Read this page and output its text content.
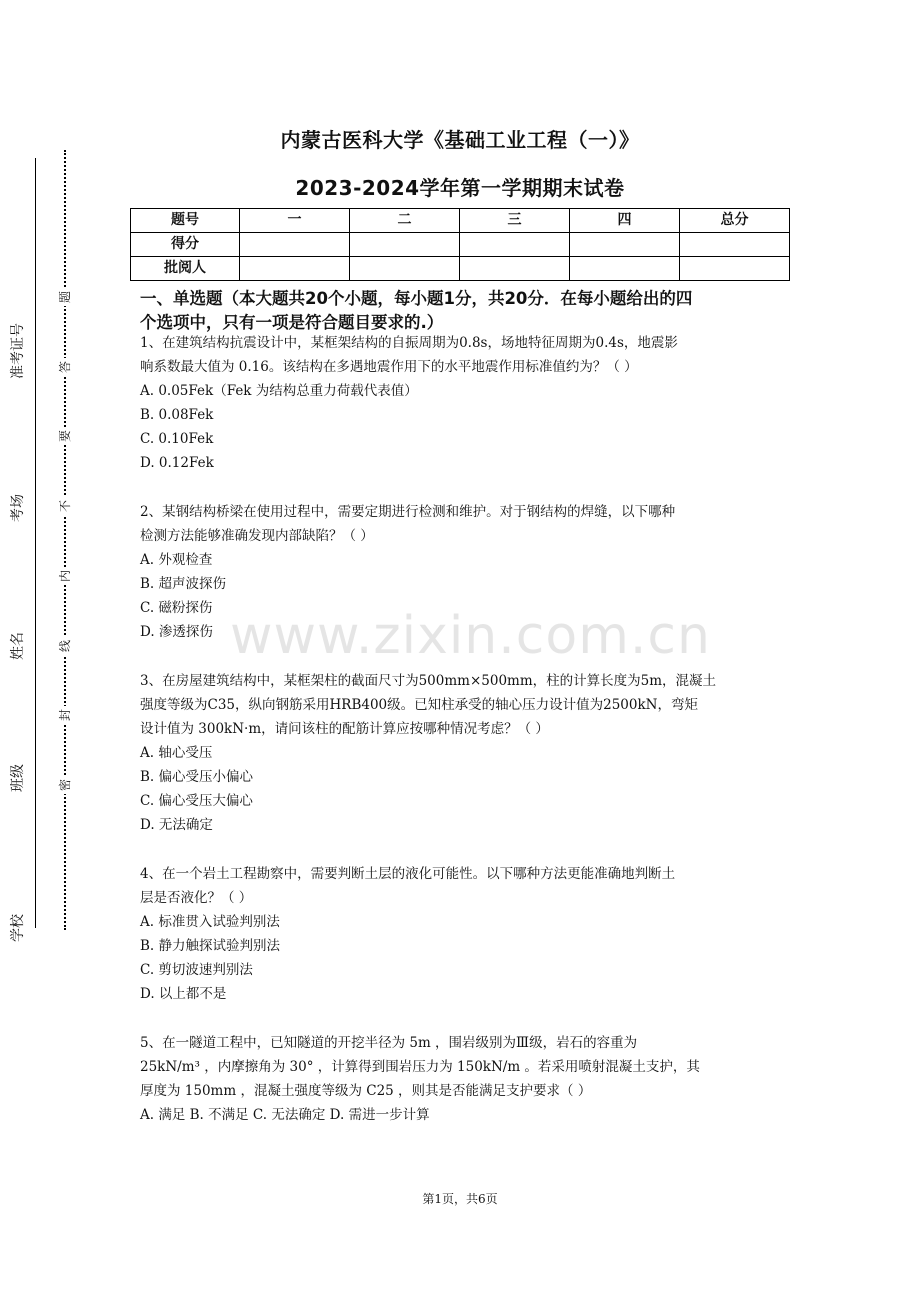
准考证号
考场
姓名
班级
学校
题
答
要
不
内
线
封
密
内蒙古医科大学《基础工业工程（一）》
2023-2024学年第一学期期末试卷
题号	一	二	三	四	总分
得分					
批阅人					
一、单选题（本大题共20个小题，每小题1分，共20分．在每小题给出的四
个选项中，只有一项是符合题目要求的.）
1、在建筑结构抗震设计中，某框架结构的自振周期为0.8s，场地特征周期为0.4s，地震影
响系数最大值为 0.16。该结构在多遇地震作用下的水平地震作用标准值约为？（ ）
A. 0.05Fek（Fek 为结构总重力荷载代表值）
B. 0.08Fek
C. 0.10Fek
D. 0.12Fek
2、某钢结构桥梁在使用过程中，需要定期进行检测和维护。对于钢结构的焊缝，以下哪种
检测方法能够准确发现内部缺陷？（ ）
A. 外观检查
B. 超声波探伤
C. 磁粉探伤
D. 渗透探伤
3、在房屋建筑结构中，某框架柱的截面尺寸为500mm×500mm，柱的计算长度为5m，混凝土
强度等级为C35，纵向钢筋采用HRB400级。已知柱承受的轴心压力设计值为2500kN，弯矩
设计值为 300kN·m，请问该柱的配筋计算应按哪种情况考虑？（ ）
A. 轴心受压
B. 偏心受压小偏心
C. 偏心受压大偏心
D. 无法确定
4、在一个岩土工程勘察中，需要判断土层的液化可能性。以下哪种方法更能准确地判断土
层是否液化？（ ）
A. 标准贯入试验判别法
B. 静力触探试验判别法
C. 剪切波速判别法
D. 以上都不是
5、在一隧道工程中，已知隧道的开挖半径为 5m ，围岩级别为Ⅲ级，岩石的容重为
25kN/m³ ，内摩擦角为 30° ，计算得到围岩压力为 150kN/m 。若采用喷射混凝土支护，其
厚度为 150mm ，混凝土强度等级为 C25 ，则其是否能满足支护要求（ ）
A. 满足 B. 不满足 C. 无法确定 D. 需进一步计算
www.zixin.com.cn
第1页，共6页
